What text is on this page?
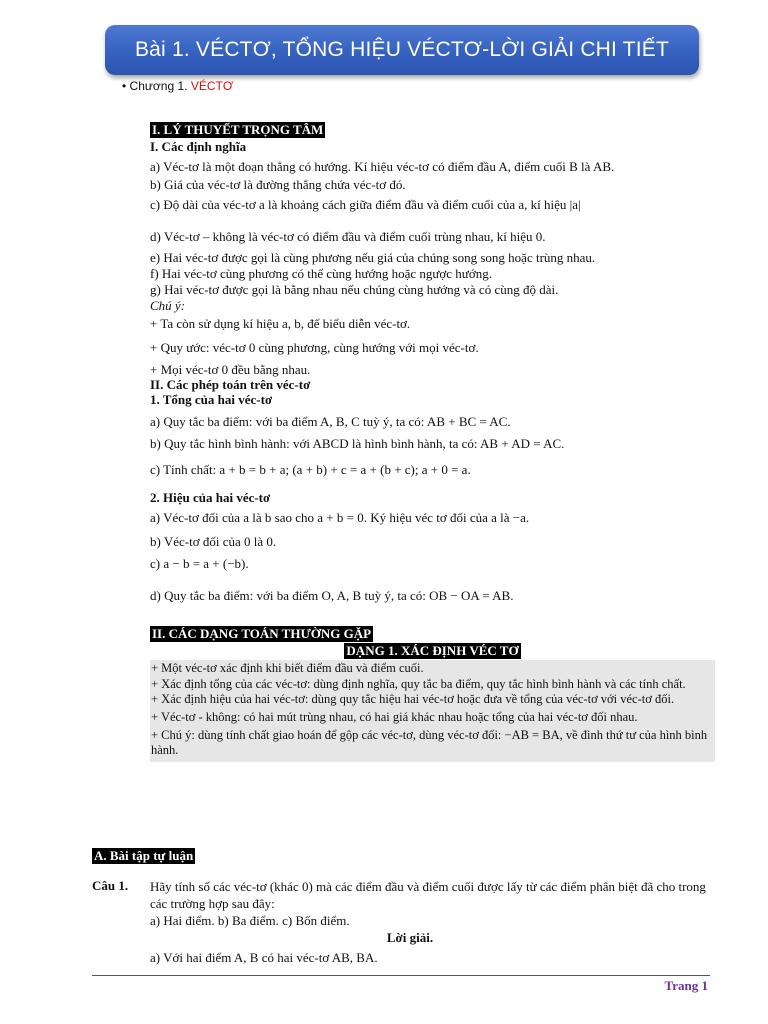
Bài 1. VÉCTƠ, TỔNG HIỆU VÉCTƠ-LỜI GIẢI CHI TIẾT
• Chương 1. VÉCTƠ
I. LÝ THUYẾT TRỌNG TÂM
I. Các định nghĩa
a) Véc-tơ là một đoạn thẳng có hướng. Kí hiệu véc-tơ có điểm đầu A, điểm cuối B là AB.
b) Giá của véc-tơ là đường thẳng chứa véc-tơ đó.
c) Độ dài của véc-tơ a là khoảng cách giữa điểm đầu và điểm cuối của a, kí hiệu |a|
d) Véc-tơ – không là véc-tơ có điểm đầu và điểm cuối trùng nhau, kí hiệu 0.
e) Hai véc-tơ được gọi là cùng phương nếu giá của chúng song song hoặc trùng nhau.
f) Hai véc-tơ cùng phương có thể cùng hướng hoặc ngược hướng.
g) Hai véc-tơ được gọi là bằng nhau nếu chúng cùng hướng và có cùng độ dài.
Chú ý:
+ Ta còn sử dụng kí hiệu a, b, để biểu diễn véc-tơ.
+ Quy ước: véc-tơ 0 cùng phương, cùng hướng với mọi véc-tơ.
+ Mọi véc-tơ 0 đều bằng nhau.
II. Các phép toán trên véc-tơ
1. Tổng của hai véc-tơ
a) Quy tắc ba điểm: với ba điểm A, B, C tuỳ ý, ta có: AB + BC = AC.
b) Quy tắc hình bình hành: với ABCD là hình bình hành, ta có: AB + AD = AC.
c) Tính chất: a + b = b + a; (a + b) + c = a + (b + c); a + 0 = a.
2. Hiệu của hai véc-tơ
a) Véc-tơ đối của a là b sao cho a + b = 0. Ký hiệu véc tơ đối của a là −a.
b) Véc-tơ đối của 0 là 0.
c) a − b = a + (−b).
d) Quy tắc ba điểm: với ba điểm O, A, B tuỳ ý, ta có: OB − OA = AB.
II. CÁC DẠNG TOÁN THƯỜNG GẶP
DẠNG 1. XÁC ĐỊNH VÉC TƠ
+ Một véc-tơ xác định khi biết điểm đầu và điểm cuối.
+ Xác định tổng của các véc-tơ: dùng định nghĩa, quy tắc ba điểm, quy tắc hình bình hành và các tính chất.
+ Xác định hiệu của hai véc-tơ: dùng quy tắc hiệu hai véc-tơ hoặc đưa về tổng của véc-tơ với véc-tơ đối.
+ Véc-tơ - không: có hai mút trùng nhau, có hai giá khác nhau hoặc tổng của hai véc-tơ đối nhau.
+ Chú ý: dùng tính chất giao hoán để gộp các véc-tơ, dùng véc-tơ đối: −AB = BA, về đình thứ tư của hình bình hành.
A. Bài tập tự luận
Câu 1. Hãy tính số các véc-tơ (khác 0) mà các điểm đầu và điểm cuối được lấy từ các điểm phân biệt đã cho trong các trường hợp sau đây:
a) Hai điểm. b) Ba điểm. c) Bốn điểm.
Lời giải.
a) Với hai điểm A, B có hai véc-tơ AB, BA.
Trang 1
